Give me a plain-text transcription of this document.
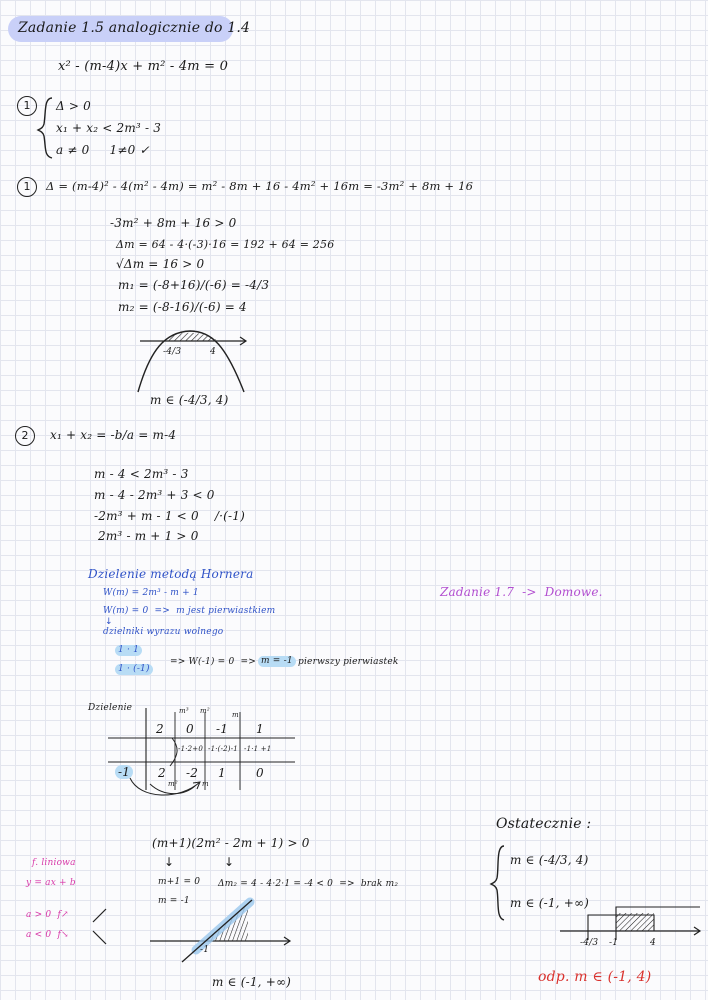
Zadanie 1.5 analogicznie do 1.4
x² - (m-4)x + m² - 4m = 0
1	Δ > 0
x₁ + x₂ < 2m³ - 3
a ≠ 0     1≠0 ✓
1	Δ = (m-4)² - 4(m² - 4m) = m² - 8m + 16 - 4m² + 16m = -3m² + 8m + 16
-3m² + 8m + 16 > 0
Δm = 64 - 4·(-3)·16 = 192 + 64 = 256
√Δm = 16 > 0
m₁ = (-8+16)/(-6) = -4/3
m₂ = (-8-16)/(-6) = 4
-4/3	4
m ∈ (-4/3, 4)
2	x₁ + x₂ = -b/a = m-4
m - 4 < 2m³ - 3
m - 4 - 2m³ + 3 < 0
-2m³ + m - 1 < 0    /·(-1)
2m³ - m + 1 > 0
Dzielenie metodą Hornera
W(m) = 2m³ - m + 1
W(m) = 0  =>  m jest pierwiastkiem
↓
dzielniki wyrazu wolnego
1 · 1
1 · (-1)
=> W(-1) = 0  => m = -1 pierwszy pierwiastek
Zadanie 1.7  ->  Domowe.
Dzielenie	m³ m²	m
2 0 -1 1
-1·2+0 -1·(-2)-1 -1·1 +1
-1 2 -2 1	0
m²	m
(m+1)(2m² - 2m + 1) > 0
↓	↓
m+1 = 0
m = -1
Δm₂ = 4 - 4·2·1 = -4 < 0  =>  brak m₂
-1
m ∈ (-1, +∞)
f. liniowa
y = ax + b
a > 0  f↗
a < 0  f↘
Ostatecznie :
m ∈ (-4/3, 4)
m ∈ (-1, +∞)
-4/3 -1	4
odp. m ∈ (-1, 4)
